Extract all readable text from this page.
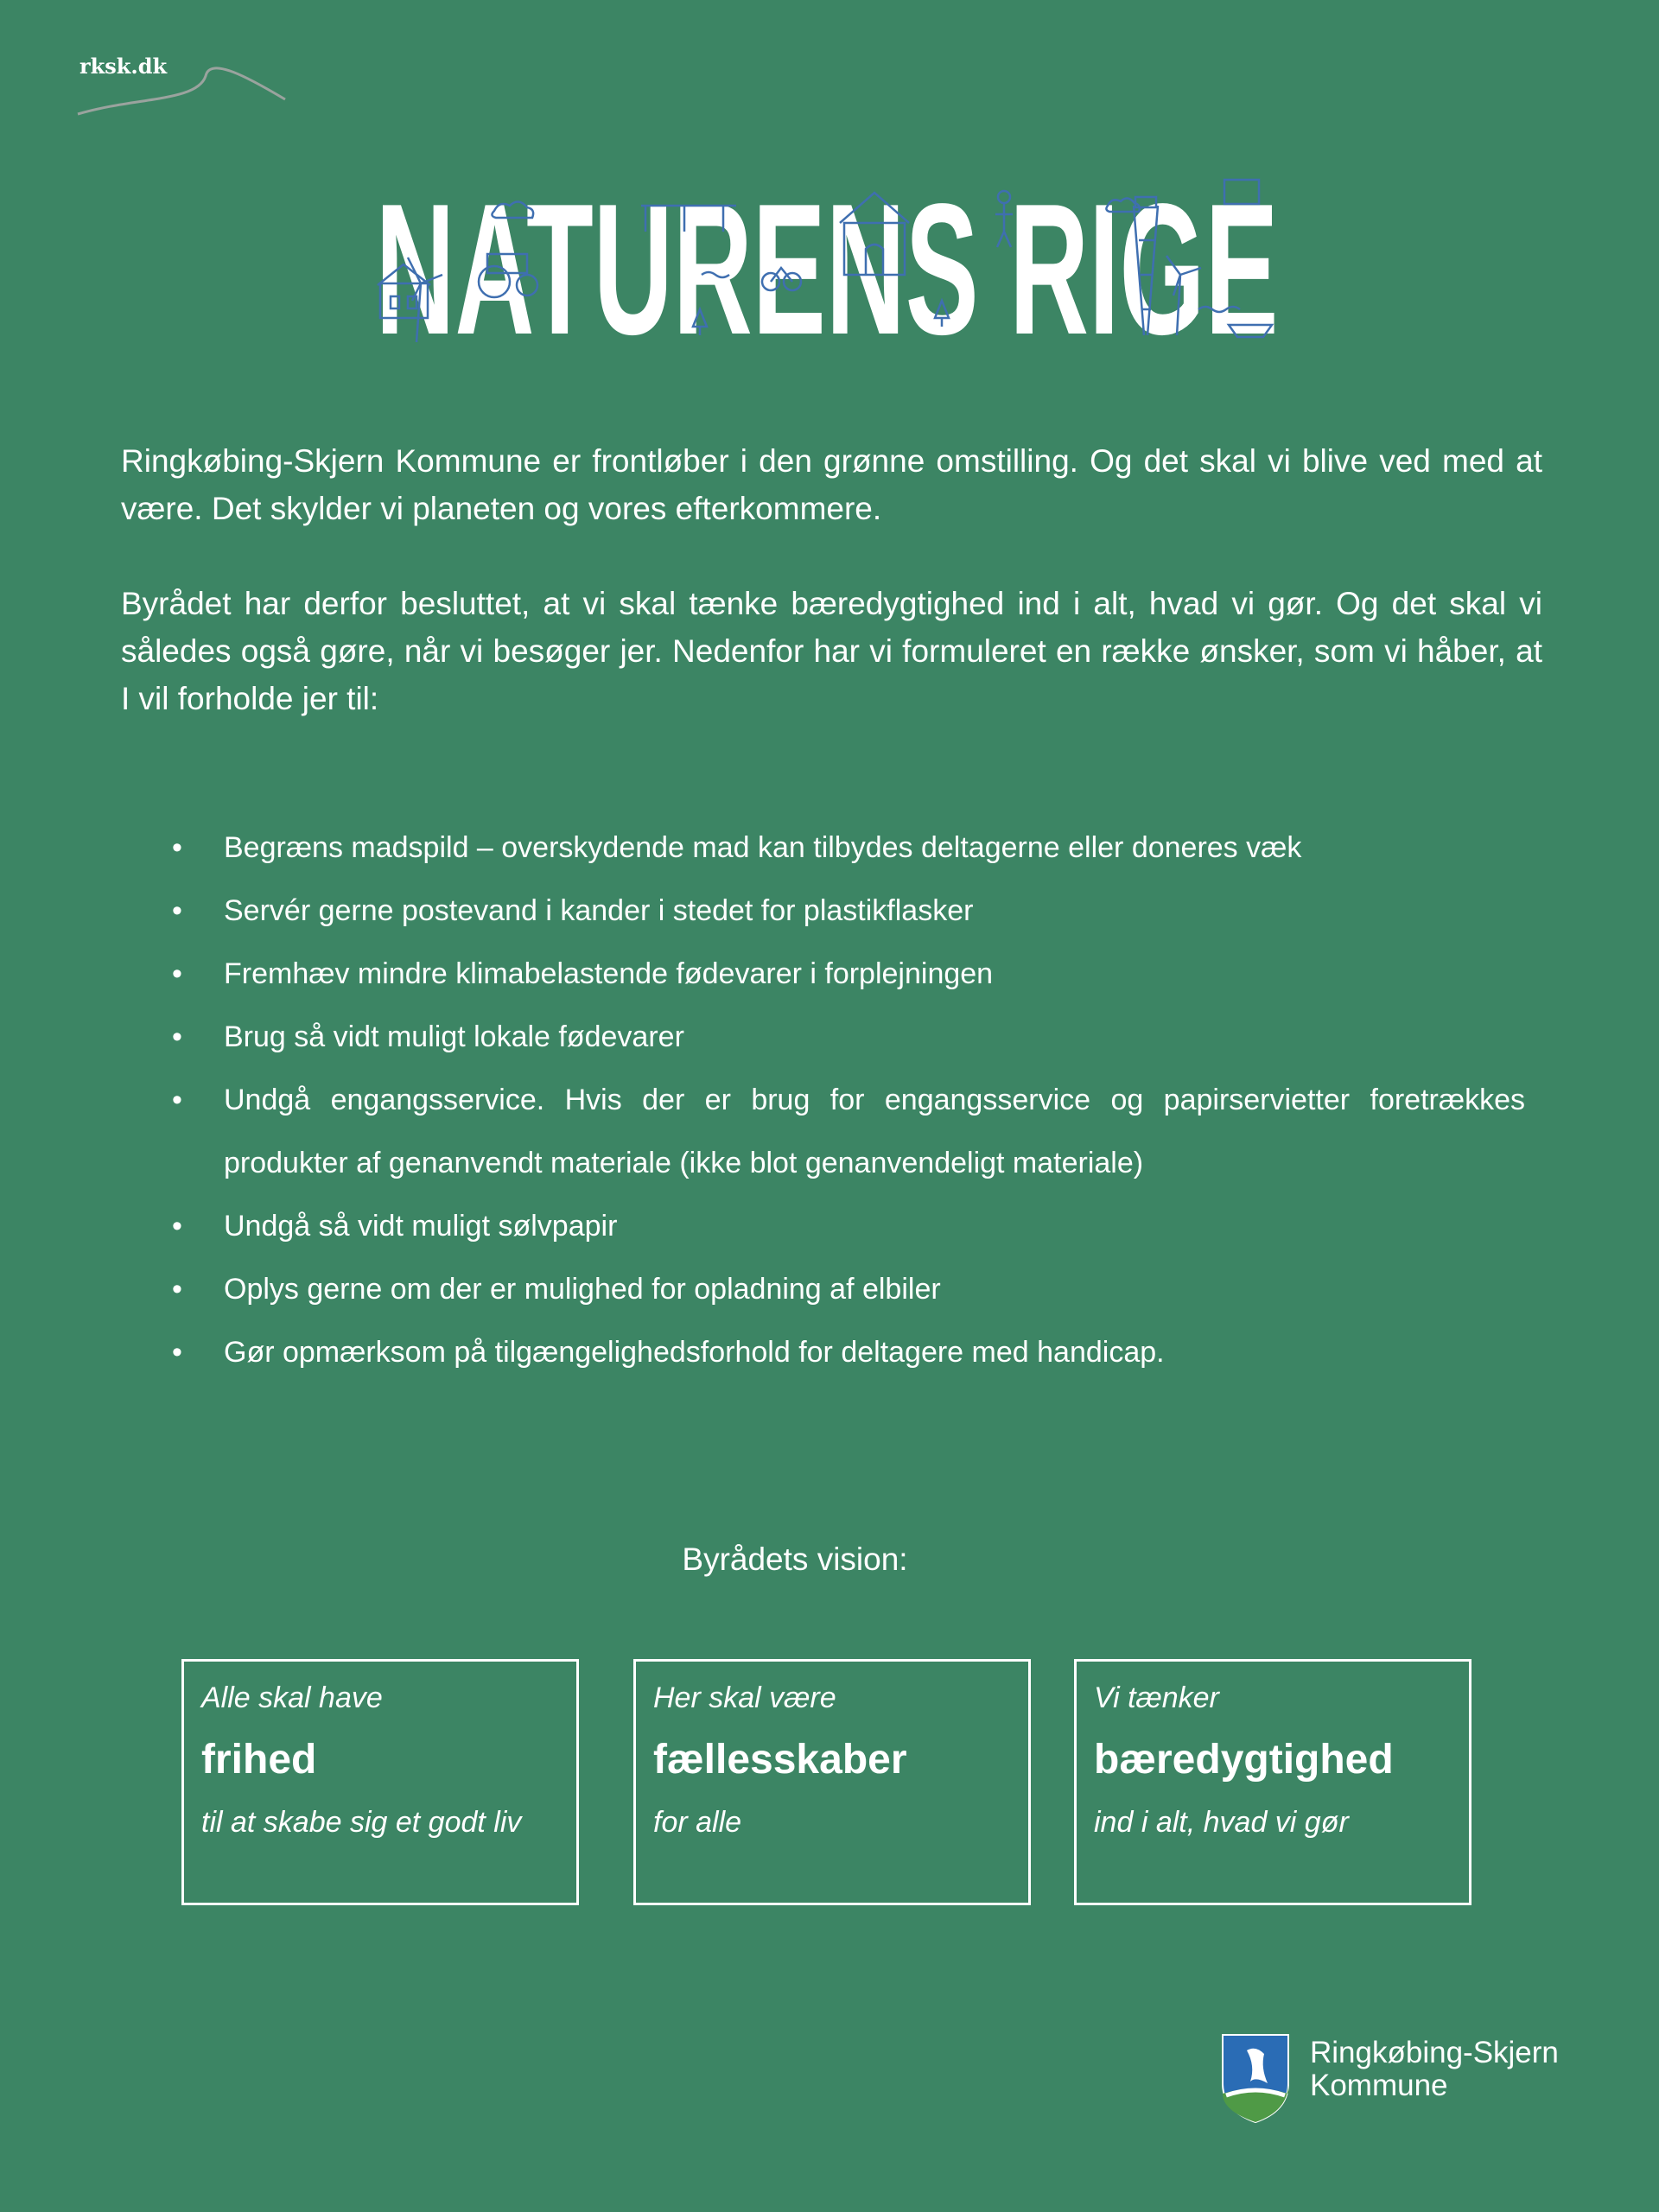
rksk.dk
NATURENS RIGE

Ringkøbing-Skjern Kommune er frontløber i den grønne omstilling. Og det skal vi blive ved med at være. Det skylder vi planeten og vores efterkommere.

Byrådet har derfor besluttet, at vi skal tænke bæredygtighed ind i alt, hvad vi gør. Og det skal vi således også gøre, når vi besøger jer. Nedenfor har vi formuleret en række ønsker, som vi håber, at I vil forholde jer til:

• Begræns madspild – overskydende mad kan tilbydes deltagerne eller doneres væk
• Servér gerne postevand i kander i stedet for plastikflasker
• Fremhæv mindre klimabelastende fødevarer i forplejningen
• Brug så vidt muligt lokale fødevarer
• Undgå engangsservice. Hvis der er brug for engangsservice og papirservietter foretrækkes produkter af genanvendt materiale (ikke blot genanvendeligt materiale)
• Undgå så vidt muligt sølvpapir
• Oplys gerne om der er mulighed for opladning af elbiler
• Gør opmærksom på tilgængelighedsforhold for deltagere med handicap.
Byrådets vision:
Alle skal have
frihed
til at skabe sig et godt liv
Her skal være
fællesskaber
for alle
Vi tænker
bæredygtighed
ind i alt, hvad vi gør
Ringkøbing-Skjern
Kommune
